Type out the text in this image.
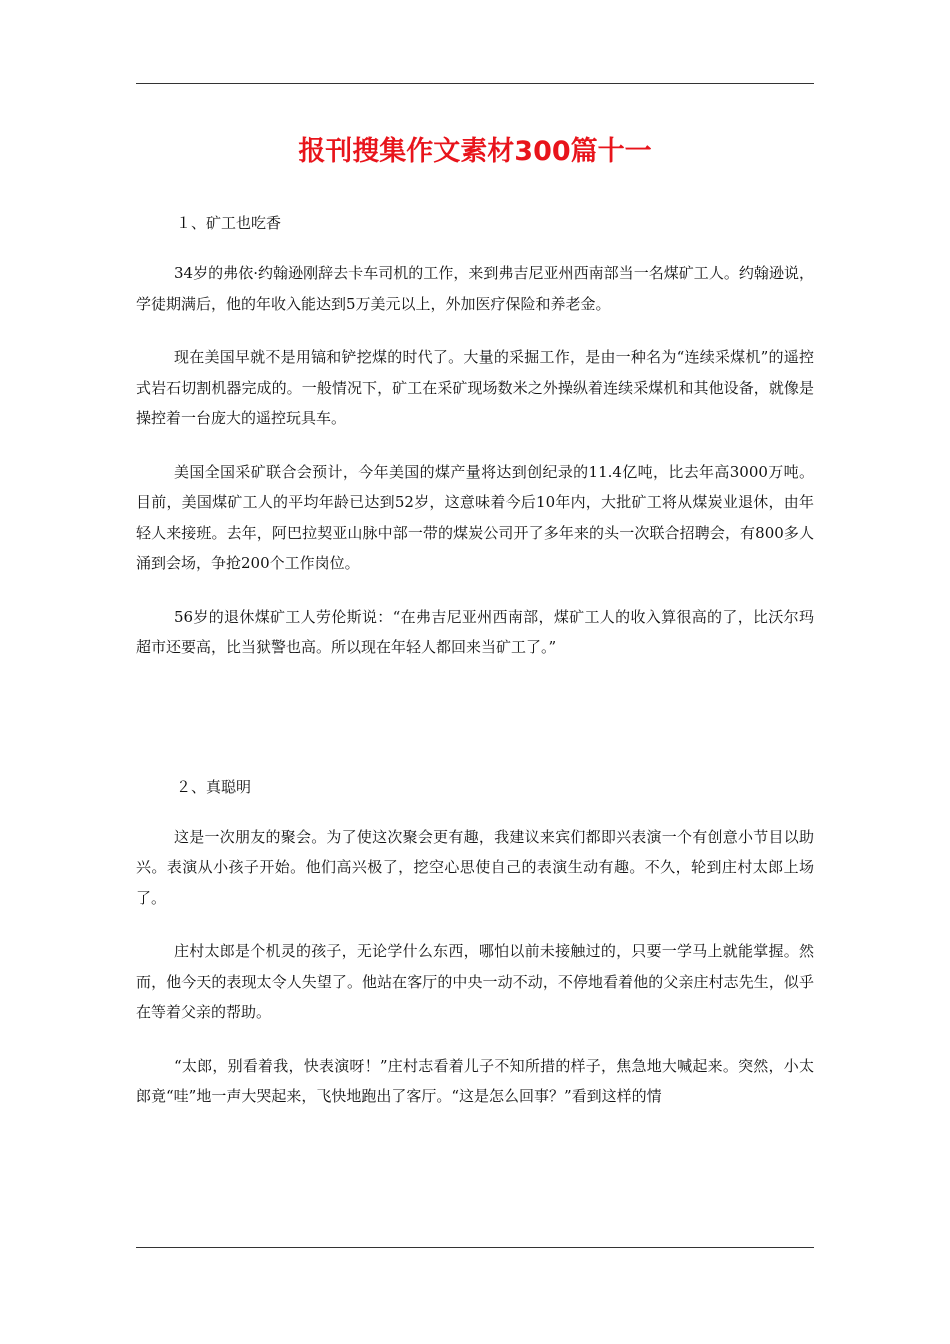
报刊搜集作文素材300篇十一

１、矿工也吃香

34岁的弗依·约翰逊刚辞去卡车司机的工作，来到弗吉尼亚州西南部当一名煤矿工人。约翰逊说，学徒期满后，他的年收入能达到5万美元以上，外加医疗保险和养老金。

现在美国早就不是用镐和铲挖煤的时代了。大量的采掘工作，是由一种名为“连续采煤机”的遥控式岩石切割机器完成的。一般情况下，矿工在采矿现场数米之外操纵着连续采煤机和其他设备，就像是操控着一台庞大的遥控玩具车。

美国全国采矿联合会预计，今年美国的煤产量将达到创纪录的11.4亿吨，比去年高3000万吨。目前，美国煤矿工人的平均年龄已达到52岁，这意味着今后10年内，大批矿工将从煤炭业退休，由年轻人来接班。去年，阿巴拉契亚山脉中部一带的煤炭公司开了多年来的头一次联合招聘会，有800多人涌到会场，争抢200个工作岗位。

56岁的退休煤矿工人劳伦斯说：“在弗吉尼亚州西南部，煤矿工人的收入算很高的了，比沃尔玛超市还要高，比当狱警也高。所以现在年轻人都回来当矿工了。”

２、真聪明

这是一次朋友的聚会。为了使这次聚会更有趣，我建议来宾们都即兴表演一个有创意小节目以助兴。表演从小孩子开始。他们高兴极了，挖空心思使自己的表演生动有趣。不久，轮到庄村太郎上场了。

庄村太郎是个机灵的孩子，无论学什么东西，哪怕以前未接触过的，只要一学马上就能掌握。然而，他今天的表现太令人失望了。他站在客厅的中央一动不动，不停地看着他的父亲庄村志先生，似乎在等着父亲的帮助。

“太郎，别看着我，快表演呀！”庄村志看着儿子不知所措的样子，焦急地大喊起来。突然，小太郎竟“哇”地一声大哭起来，飞快地跑出了客厅。“这是怎么回事？”看到这样的情
